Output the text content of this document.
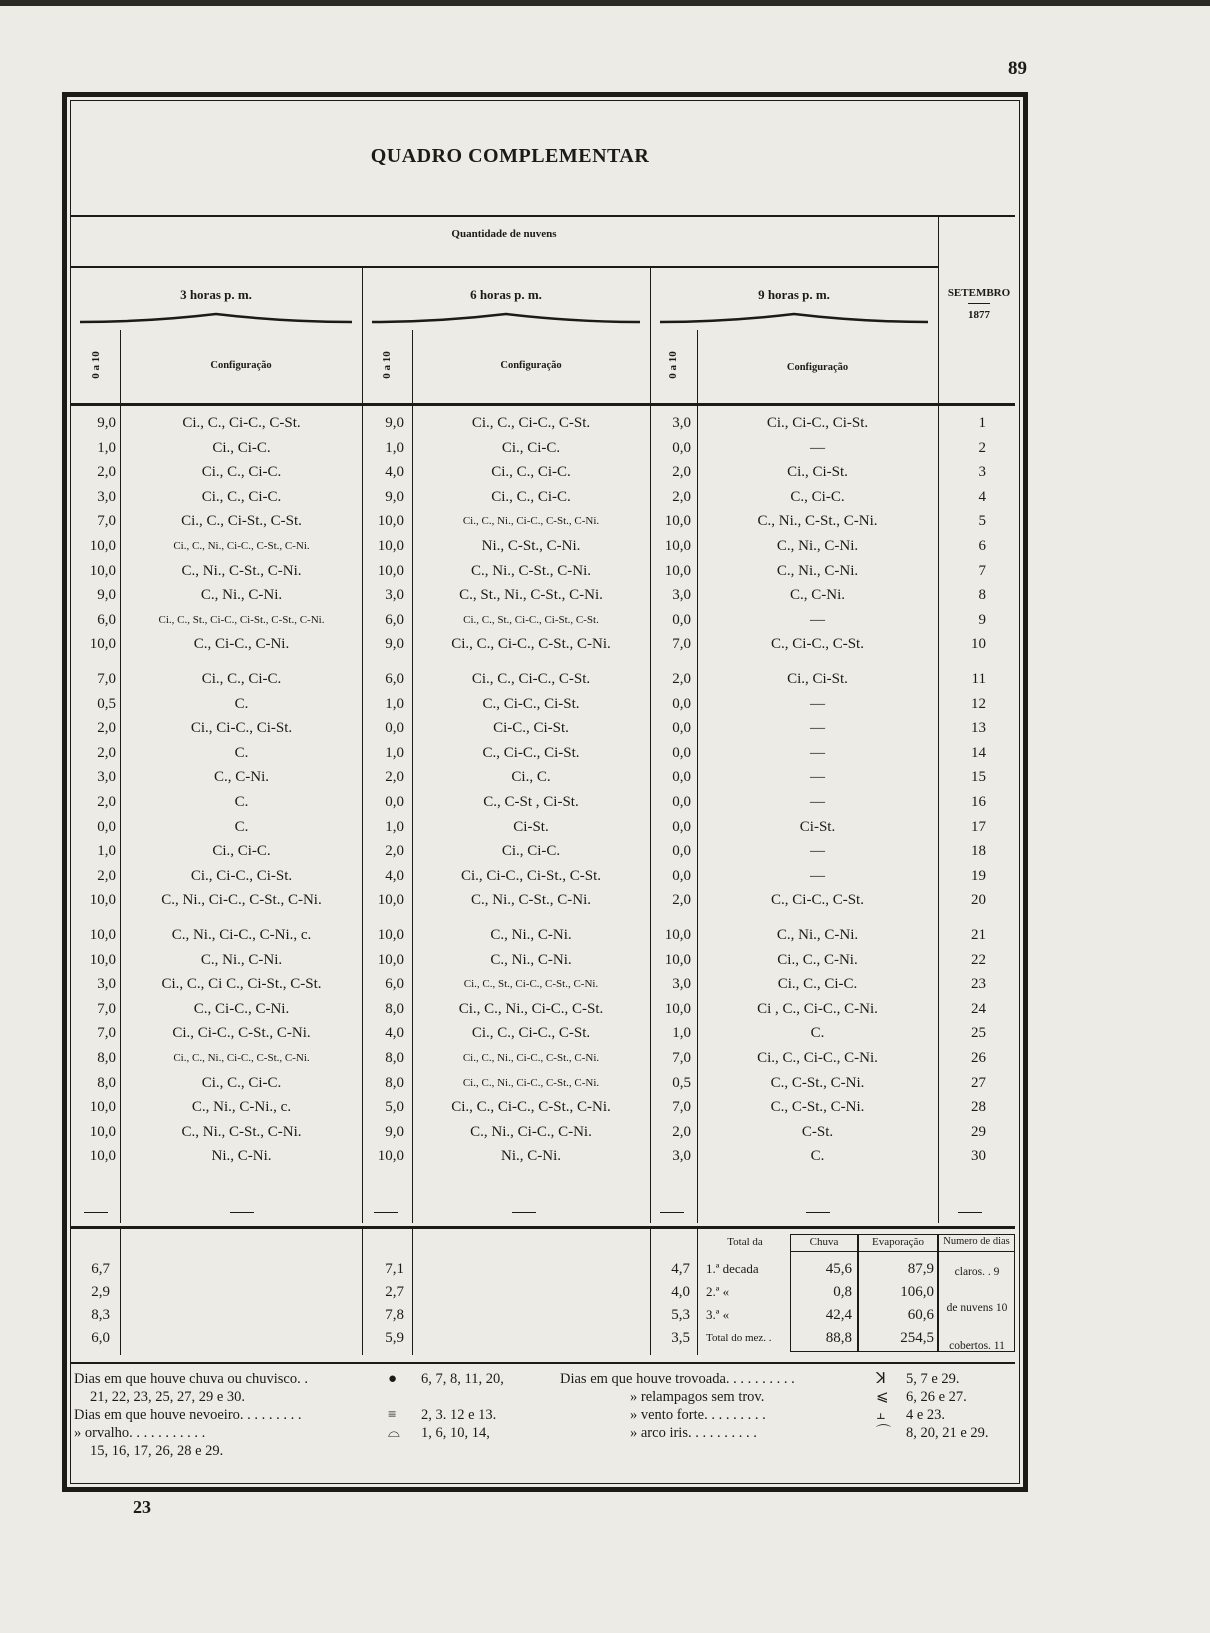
89
QUADRO COMPLEMENTAR
Quantidade de nuvens
3 horas p. m.	6 horas p. m.	9 horas p. m.
0 a 10	0 a 10	0 a 10
Configuração	Configuração	Configuração
SETEMBRO
1877
9,0	Ci., C., Ci-C., C-St.	9,0	Ci., C., Ci-C., C-St.	3,0	Ci., Ci-C., Ci-St.	1
1,0	Ci., Ci-C.	1,0	Ci., Ci-C.	0,0	—	2
2,0	Ci., C., Ci-C.	4,0	Ci., C., Ci-C.	2,0	Ci., Ci-St.	3
3,0	Ci., C., Ci-C.	9,0	Ci., C., Ci-C.	2,0	C., Ci-C.	4
7,0	Ci., C., Ci-St., C-St.	10,0	Ci., C., Ni., Ci-C., C-St., C-Ni.	10,0	C., Ni., C-St., C-Ni.	5
10,0	Ci., C., Ni., Ci-C., C-St., C-Ni.	10,0	Ni., C-St., C-Ni.	10,0	C., Ni., C-Ni.	6
10,0	C., Ni., C-St., C-Ni.	10,0	C., Ni., C-St., C-Ni.	10,0	C., Ni., C-Ni.	7
9,0	C., Ni., C-Ni.	3,0	C., St., Ni., C-St., C-Ni.	3,0	C., C-Ni.	8
6,0	Ci., C., St., Ci-C., Ci-St., C-St., C-Ni.	6,0	Ci., C., St., Ci-C., Ci-St., C-St.	0,0	—	9
10,0	C., Ci-C., C-Ni.	9,0	Ci., C., Ci-C., C-St., C-Ni.	7,0	C., Ci-C., C-St.	10
7,0	Ci., C., Ci-C.	6,0	Ci., C., Ci-C., C-St.	2,0	Ci., Ci-St.	11
0,5	C.	1,0	C., Ci-C., Ci-St.	0,0	—	12
2,0	Ci., Ci-C., Ci-St.	0,0	Ci-C., Ci-St.	0,0	—	13
2,0	C.	1,0	C., Ci-C., Ci-St.	0,0	—	14
3,0	C., C-Ni.	2,0	Ci., C.	0,0	—	15
2,0	C.	0,0	C., C-St , Ci-St.	0,0	—	16
0,0	C.	1,0	Ci-St.	0,0	Ci-St.	17
1,0	Ci., Ci-C.	2,0	Ci., Ci-C.	0,0	—	18
2,0	Ci., Ci-C., Ci-St.	4,0	Ci., Ci-C., Ci-St., C-St.	0,0	—	19
10,0	C., Ni., Ci-C., C-St., C-Ni.	10,0	C., Ni., C-St., C-Ni.	2,0	C., Ci-C., C-St.	20
10,0	C., Ni., Ci-C., C-Ni., c.	10,0	C., Ni., C-Ni.	10,0	C., Ni., C-Ni.	21
10,0	C., Ni., C-Ni.	10,0	C., Ni., C-Ni.	10,0	Ci., C., C-Ni.	22
3,0	Ci., C., Ci C., Ci-St., C-St.	6,0	Ci., C., St., Ci-C., C-St., C-Ni.	3,0	Ci., C., Ci-C.	23
7,0	C., Ci-C., C-Ni.	8,0	Ci., C., Ni., Ci-C., C-St.	10,0	Ci , C., Ci-C., C-Ni.	24
7,0	Ci., Ci-C., C-St., C-Ni.	4,0	Ci., C., Ci-C., C-St.	1,0	C.	25
8,0	Ci., C., Ni., Ci-C., C-St., C-Ni.	8,0	Ci., C., Ni., Ci-C., C-St., C-Ni.	7,0	Ci., C., Ci-C., C-Ni.	26
8,0	Ci., C., Ci-C.	8,0	Ci., C., Ni., Ci-C., C-St., C-Ni.	0,5	C., C-St., C-Ni.	27
10,0	C., Ni., C-Ni., c.	5,0	Ci., C., Ci-C., C-St., C-Ni.	7,0	C., C-St., C-Ni.	28
10,0	C., Ni., C-St., C-Ni.	9,0	C., Ni., Ci-C., C-Ni.	2,0	C-St.	29
10,0	Ni., C-Ni.	10,0	Ni., C-Ni.	3,0	C.	30
Total da	Chuva	Evaporação	Numero de dias
6,7	7,1	4,7 1.ª decada	45,6	87,9
2,9	2,7	4,0 2.ª «	0,8	106,0
8,3	7,8	5,3 3.ª «	42,4	60,6
6,0	5,9	3,5 Total do mez. .	88,8	254,5
claros. . 9
de nuvens 10
cobertos. 11
Dias em que houve chuva ou chuvisco. .	● 6, 7, 8, 11, 20,
21, 22, 23, 25, 27, 29 e 30.
Dias em que houve nevoeiro. . . . . . . . .	≡ 2, 3. 12 e 13.
» orvalho. . . . . . . . . . .	⌓ 1, 6, 10, 14,
15, 16, 17, 26, 28 e 29.
Dias em que houve trovoada. . . . . . . . . .	ꓘ 5, 7 e 29.
» relampagos sem trov.	⩽ 6, 26 e 27.
» vento forte. . . . . . . . .	⫠ 4 e 23.
» arco iris. . . . . . . . . .	⌒ 8, 20, 21 e 29.
23
